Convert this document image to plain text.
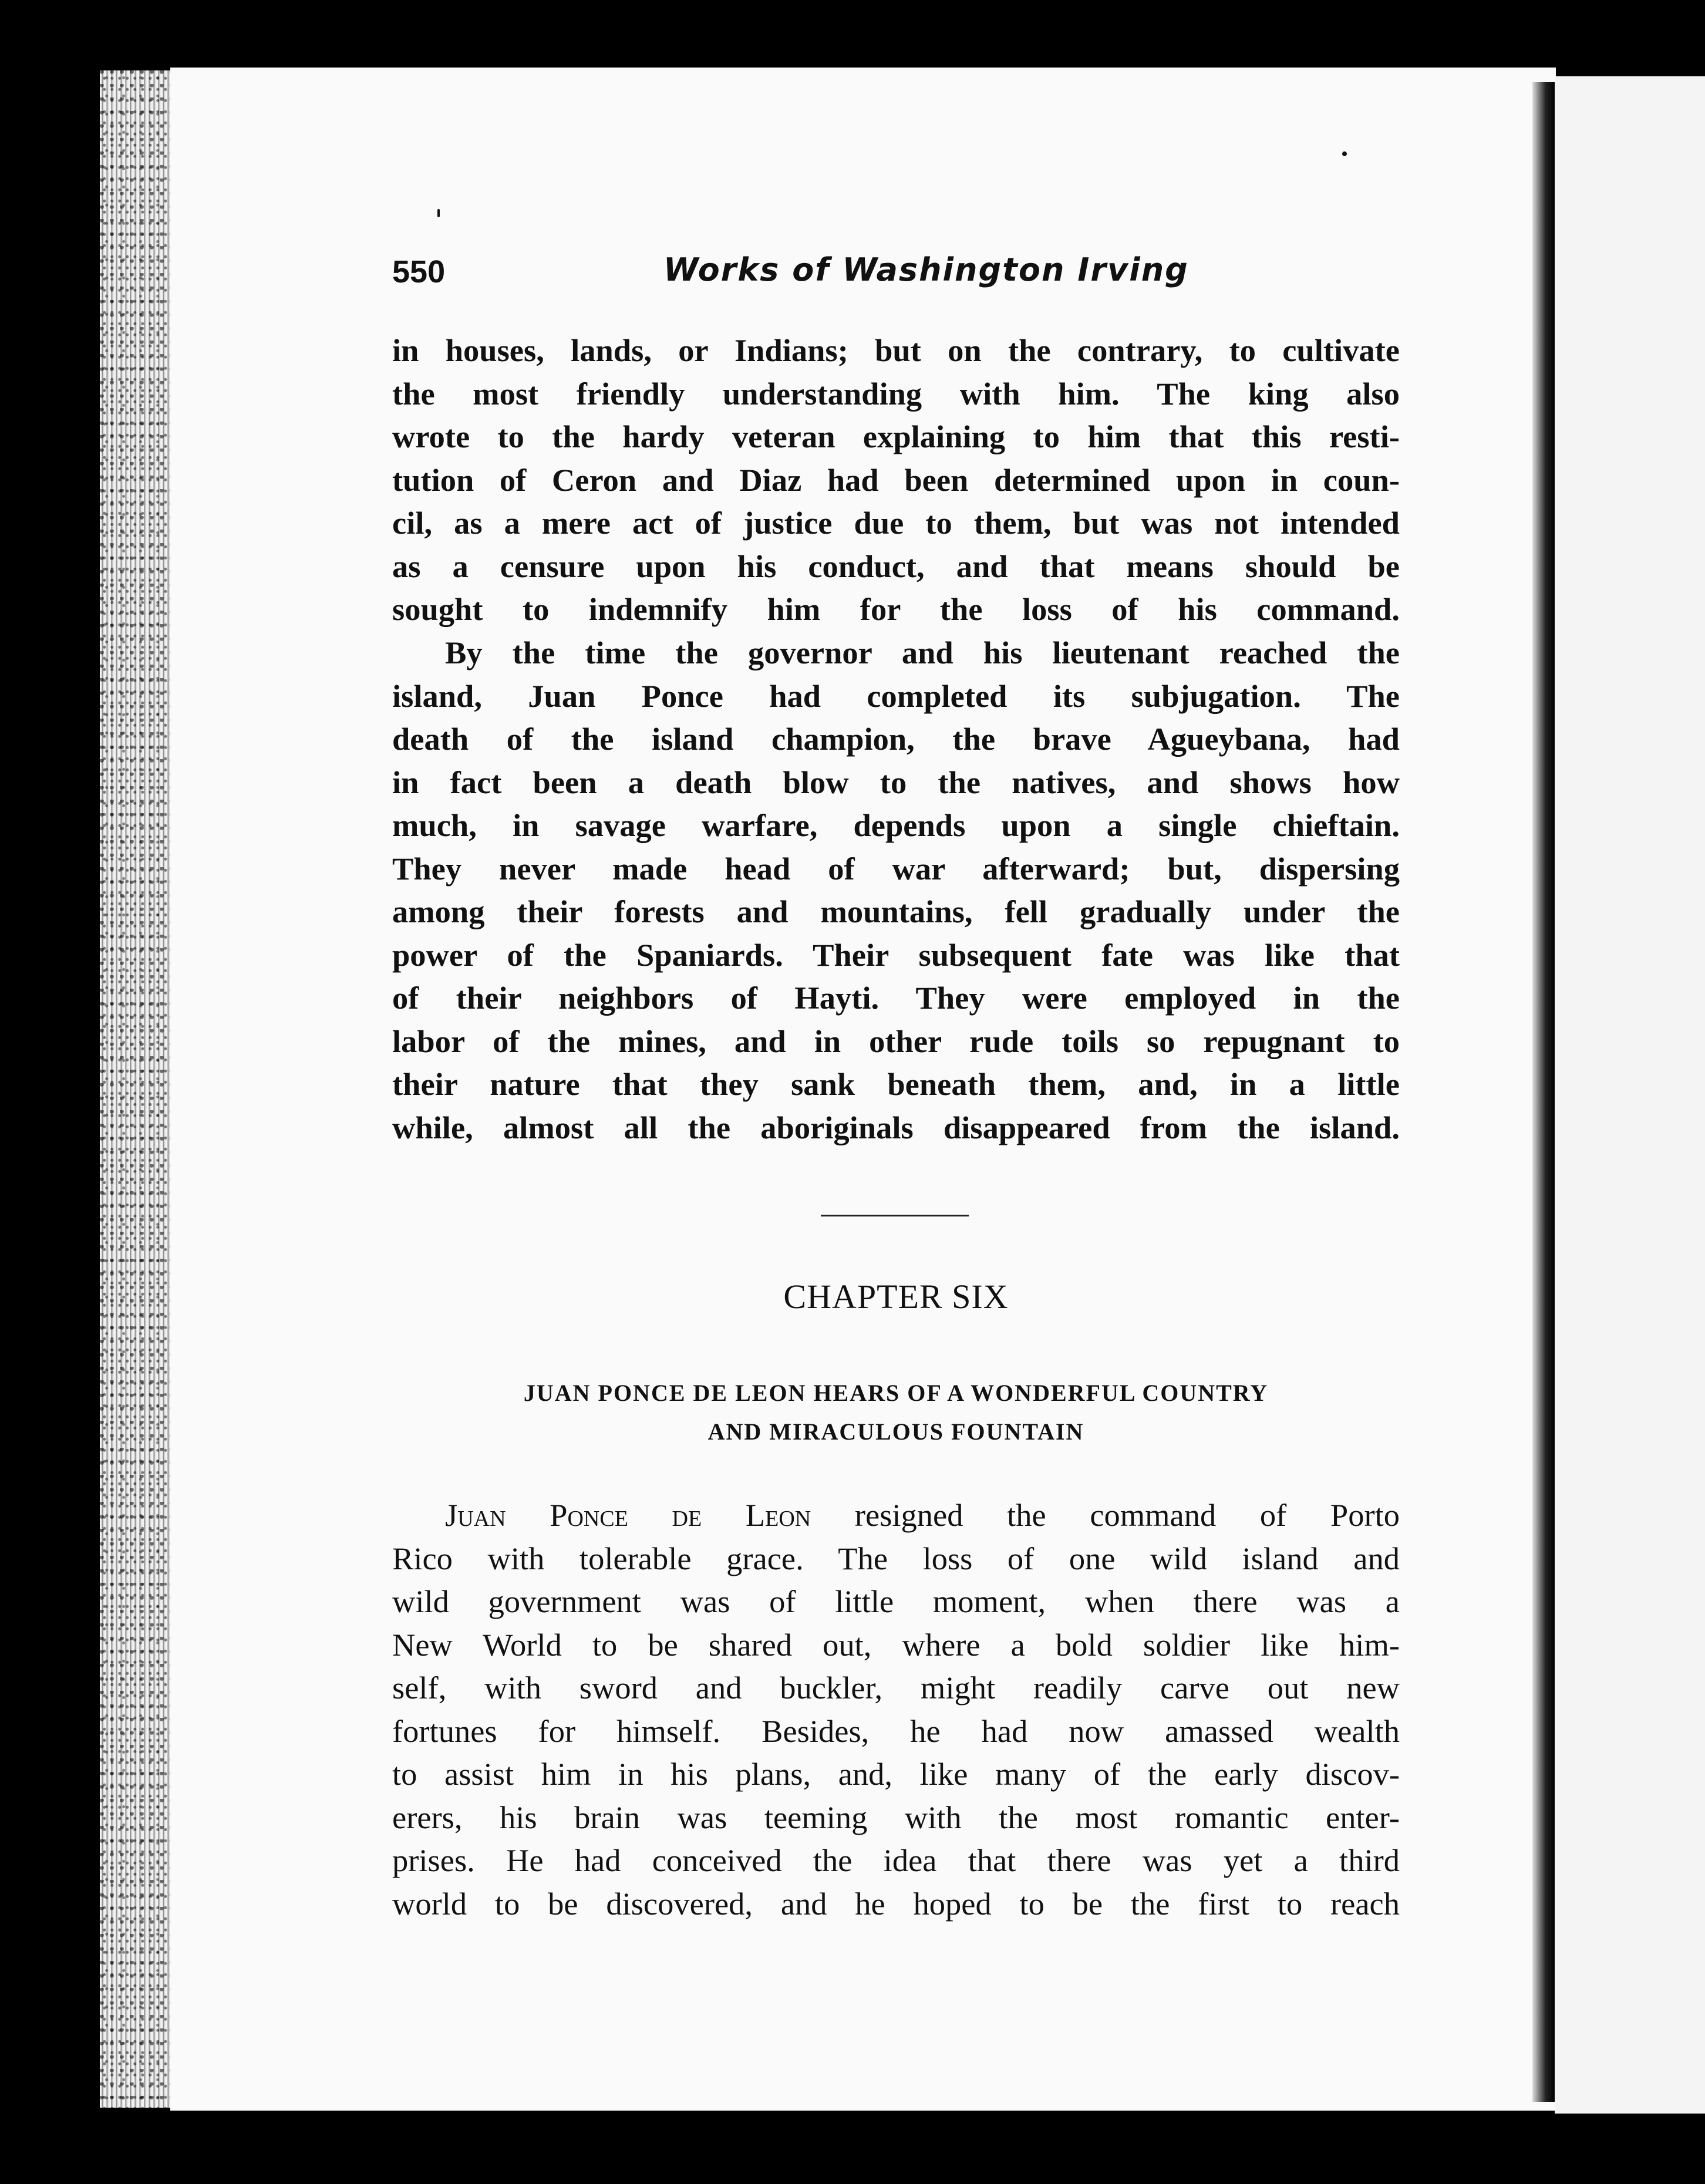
550	Works of Washington Irving
in houses, lands, or Indians; but on the contrary, to cultivate
the most friendly understanding with him. The king also
wrote to the hardy veteran explaining to him that this resti-
tution of Ceron and Diaz had been determined upon in coun-
cil, as a mere act of justice due to them, but was not intended
as a censure upon his conduct, and that means should be
sought to indemnify him for the loss of his command.
By the time the governor and his lieutenant reached the
island, Juan Ponce had completed its subjugation. The
death of the island champion, the brave Agueybana, had
in fact been a death blow to the natives, and shows how
much, in savage warfare, depends upon a single chieftain.
They never made head of war afterward; but, dispersing
among their forests and mountains, fell gradually under the
power of the Spaniards. Their subsequent fate was like that
of their neighbors of Hayti. They were employed in the
labor of the mines, and in other rude toils so repugnant to
their nature that they sank beneath them, and, in a little
while, almost all the aboriginals disappeared from the island.
CHAPTER SIX
JUAN PONCE DE LEON HEARS OF A WONDERFUL COUNTRY
AND MIRACULOUS FOUNTAIN
Juan Ponce de Leon resigned the command of Porto
Rico with tolerable grace. The loss of one wild island and
wild government was of little moment, when there was a
New World to be shared out, where a bold soldier like him-
self, with sword and buckler, might readily carve out new
fortunes for himself. Besides, he had now amassed wealth
to assist him in his plans, and, like many of the early discov-
erers, his brain was teeming with the most romantic enter-
prises. He had conceived the idea that there was yet a third
world to be discovered, and he hoped to be the first to reach
